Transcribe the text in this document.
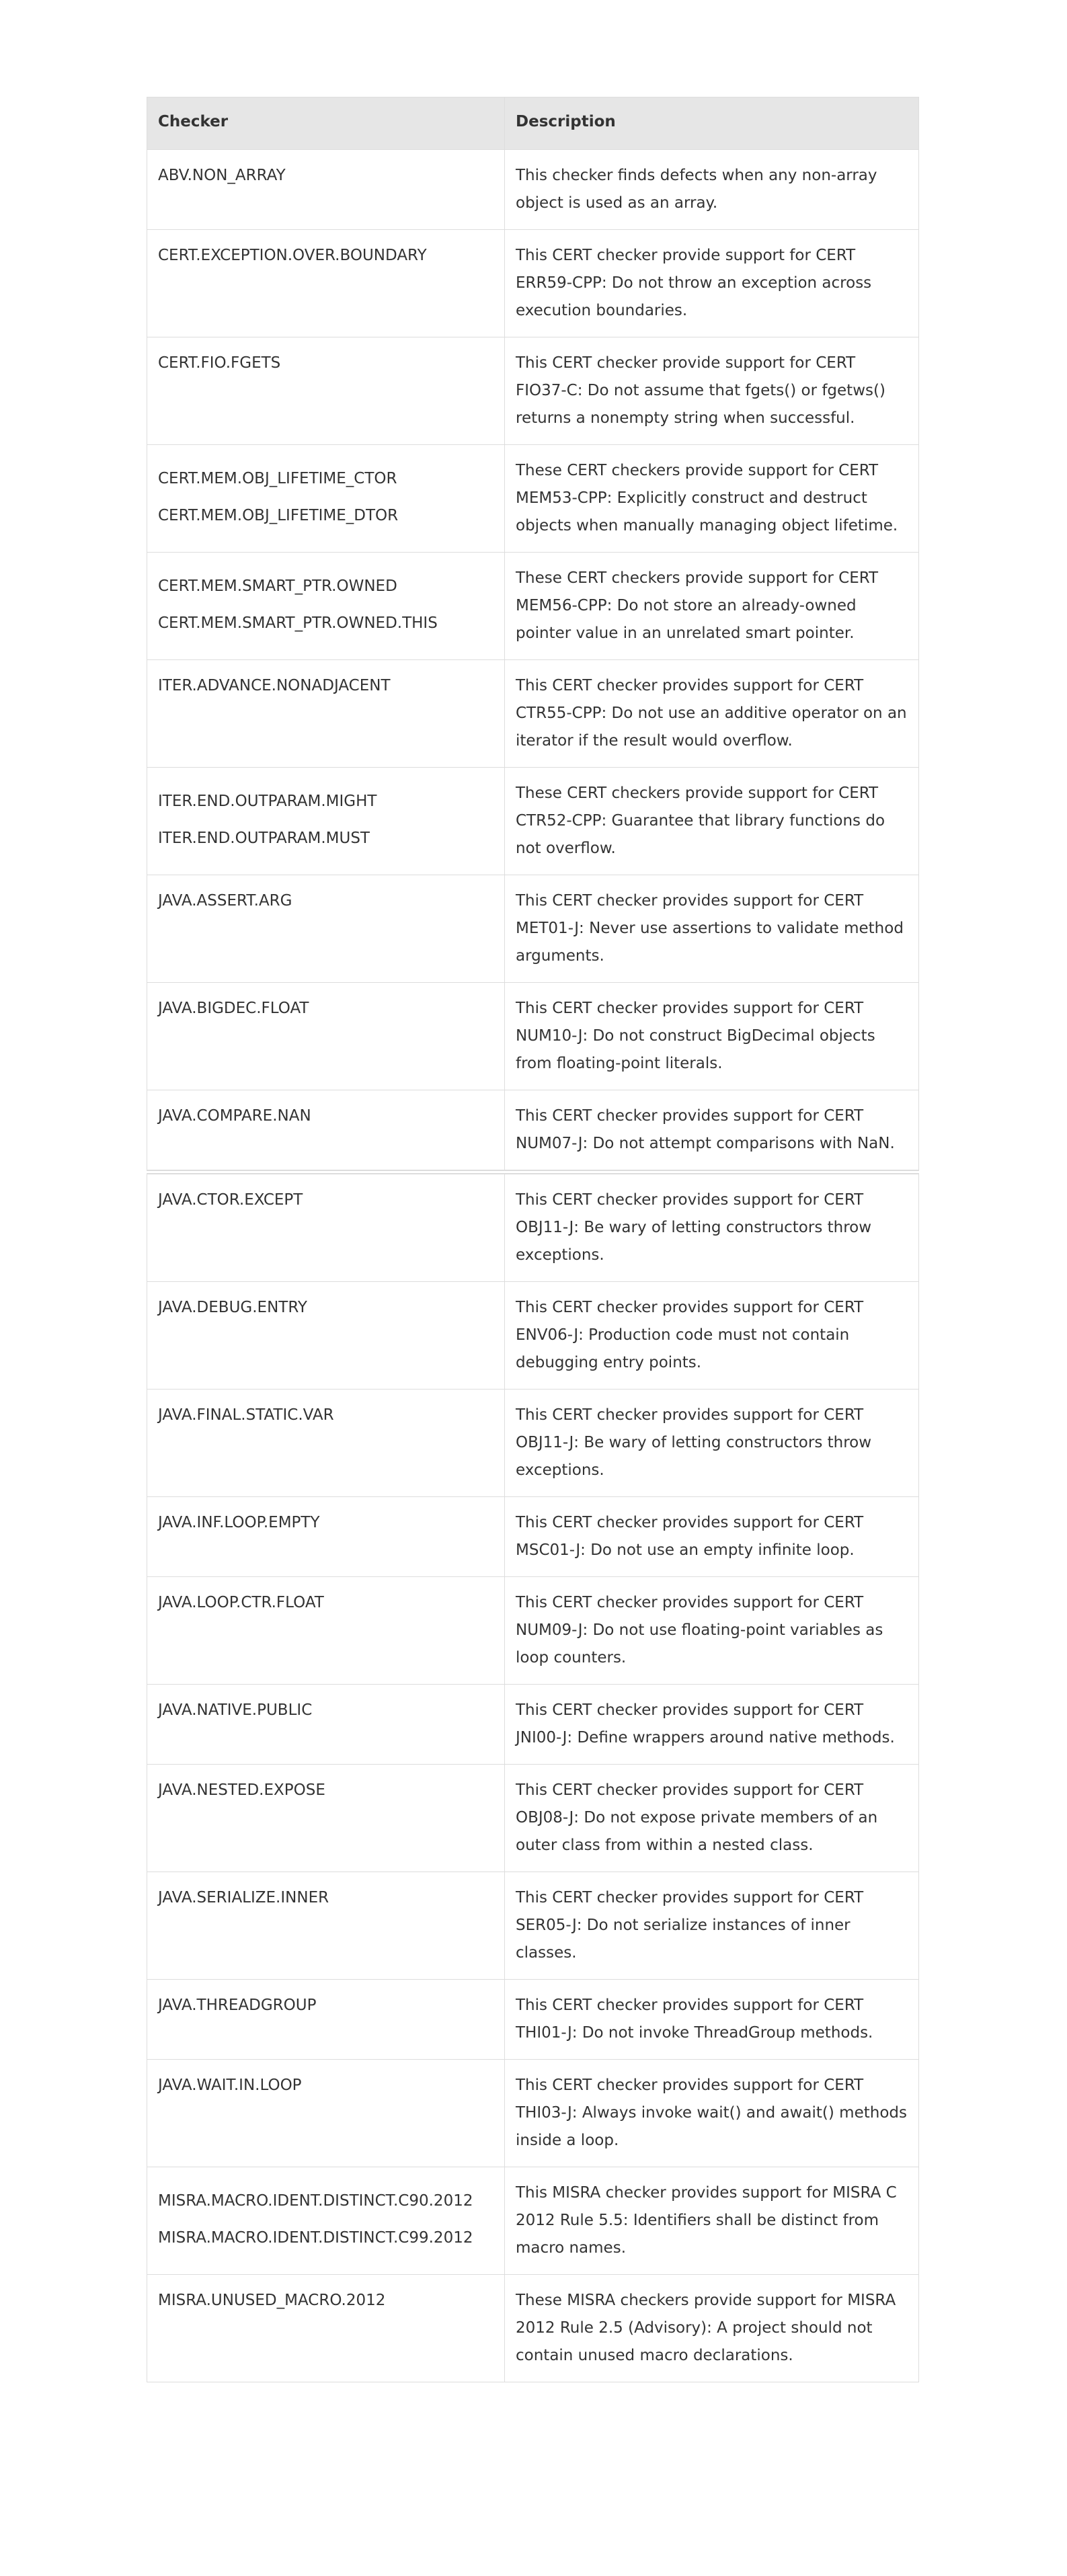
Checker	Description

ABV.NON_ARRAY	This checker finds defects when any non-array object is used as an array.

CERT.EXCEPTION.OVER.BOUNDARY	This CERT checker provide support for CERT ERR59-CPP: Do not throw an exception across execution boundaries.

CERT.FIO.FGETS	This CERT checker provide support for CERT FIO37-C: Do not assume that fgets() or fgetws() returns a nonempty string when successful.

CERT.MEM.OBJ_LIFETIME_CTOR
CERT.MEM.OBJ_LIFETIME_DTOR	These CERT checkers provide support for CERT MEM53-CPP: Explicitly construct and destruct objects when manually managing object lifetime.

CERT.MEM.SMART_PTR.OWNED
CERT.MEM.SMART_PTR.OWNED.THIS	These CERT checkers provide support for CERT MEM56-CPP: Do not store an already-owned pointer value in an unrelated smart pointer.

ITER.ADVANCE.NONADJACENT	This CERT checker provides support for CERT CTR55-CPP: Do not use an additive operator on an iterator if the result would overflow.

ITER.END.OUTPARAM.MIGHT
ITER.END.OUTPARAM.MUST	These CERT checkers provide support for CERT CTR52-CPP: Guarantee that library functions do not overflow.

JAVA.ASSERT.ARG	This CERT checker provides support for CERT MET01-J: Never use assertions to validate method arguments.

JAVA.BIGDEC.FLOAT	This CERT checker provides support for CERT NUM10-J: Do not construct BigDecimal objects from floating-point literals.

JAVA.COMPARE.NAN	This CERT checker provides support for CERT NUM07-J: Do not attempt comparisons with NaN.

JAVA.CTOR.EXCEPT	This CERT checker provides support for CERT OBJ11-J: Be wary of letting constructors throw exceptions.

JAVA.DEBUG.ENTRY	This CERT checker provides support for CERT ENV06-J: Production code must not contain debugging entry points.

JAVA.FINAL.STATIC.VAR	This CERT checker provides support for CERT OBJ11-J: Be wary of letting constructors throw exceptions.

JAVA.INF.LOOP.EMPTY	This CERT checker provides support for CERT MSC01-J: Do not use an empty infinite loop.

JAVA.LOOP.CTR.FLOAT	This CERT checker provides support for CERT NUM09-J: Do not use floating-point variables as loop counters.

JAVA.NATIVE.PUBLIC	This CERT checker provides support for CERT JNI00-J: Define wrappers around native methods.

JAVA.NESTED.EXPOSE	This CERT checker provides support for CERT OBJ08-J: Do not expose private members of an outer class from within a nested class.

JAVA.SERIALIZE.INNER	This CERT checker provides support for CERT SER05-J: Do not serialize instances of inner classes.

JAVA.THREADGROUP	This CERT checker provides support for CERT THI01-J: Do not invoke ThreadGroup methods.

JAVA.WAIT.IN.LOOP	This CERT checker provides support for CERT THI03-J: Always invoke wait() and await() methods inside a loop.

MISRA.MACRO.IDENT.DISTINCT.C90.2012
MISRA.MACRO.IDENT.DISTINCT.C99.2012	This MISRA checker provides support for MISRA C 2012 Rule 5.5: Identifiers shall be distinct from macro names.

MISRA.UNUSED_MACRO.2012	These MISRA checkers provide support for MISRA 2012 Rule 2.5 (Advisory): A project should not contain unused macro declarations.
